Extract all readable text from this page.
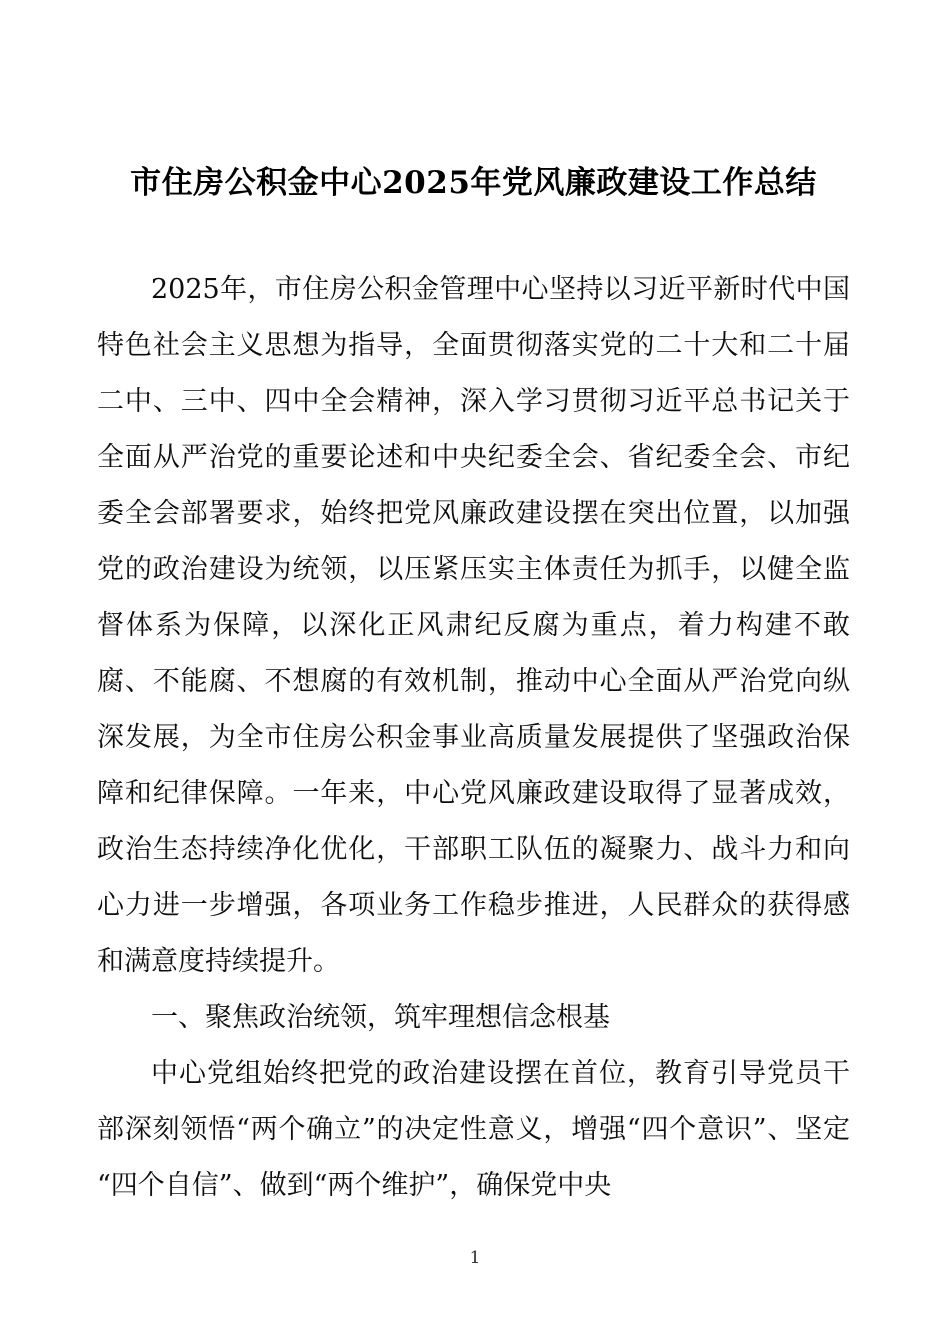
市住房公积金中心2025年党风廉政建设工作总结

2025年，市住房公积金管理中心坚持以习近平新时代中国特色社会主义思想为指导，全面贯彻落实党的二十大和二十届二中、三中、四中全会精神，深入学习贯彻习近平总书记关于全面从严治党的重要论述和中央纪委全会、省纪委全会、市纪委全会部署要求，始终把党风廉政建设摆在突出位置，以加强党的政治建设为统领，以压紧压实主体责任为抓手，以健全监督体系为保障，以深化正风肃纪反腐为重点，着力构建不敢腐、不能腐、不想腐的有效机制，推动中心全面从严治党向纵深发展，为全市住房公积金事业高质量发展提供了坚强政治保障和纪律保障。一年来，中心党风廉政建设取得了显著成效，政治生态持续净化优化，干部职工队伍的凝聚力、战斗力和向心力进一步增强，各项业务工作稳步推进，人民群众的获得感和满意度持续提升。

一、聚焦政治统领，筑牢理想信念根基

中心党组始终把党的政治建设摆在首位，教育引导党员干部深刻领悟“两个确立”的决定性意义，增强“四个意识”、坚定“四个自信”、做到“两个维护”，确保党中央

1
